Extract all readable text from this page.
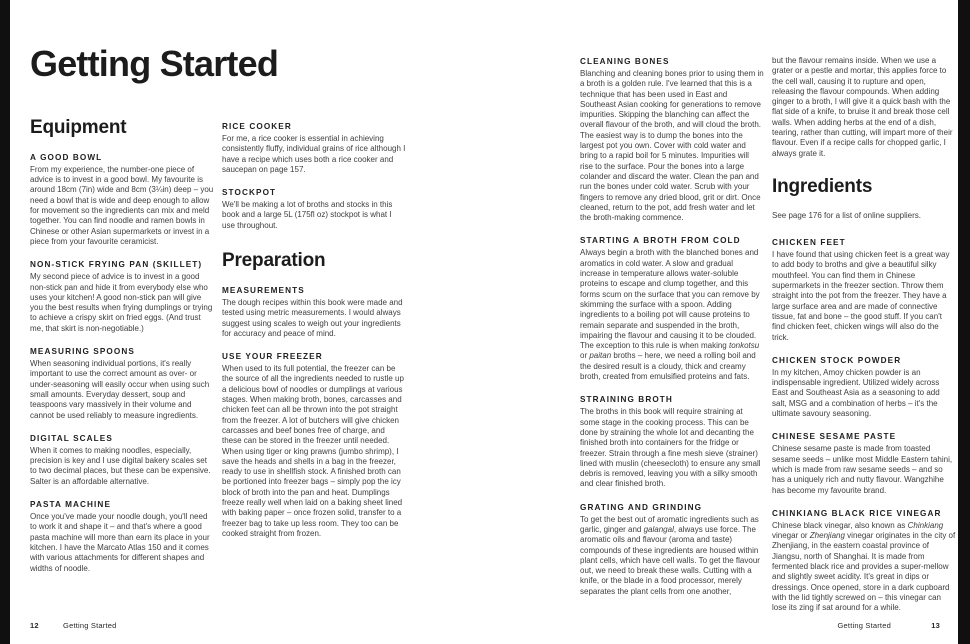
Getting Started
Equipment
A GOOD BOWL

From my experience, the number-one piece of advice is to invest in a good bowl. My favourite is around 18cm (7in) wide and 8cm (3¼in) deep – you need a bowl that is wide and deep enough to allow for movement so the ingredients can mix and meld together. You can find noodle and ramen bowls in Chinese or other Asian supermarkets or invest in a piece from your favourite ceramicist.

NON-STICK FRYING PAN (SKILLET)

My second piece of advice is to invest in a good non-stick pan and hide it from everybody else who uses your kitchen! A good non-stick pan will give you the best results when frying dumplings or trying to achieve a crispy skirt on fried eggs. (And trust me, that skirt is non-negotiable.)

MEASURING SPOONS

When seasoning individual portions, it's really important to use the correct amount as over- or under-seasoning will easily occur when using such small amounts. Everyday dessert, soup and teaspoons vary massively in their volume and cannot be used reliably to measure ingredients.

DIGITAL SCALES

When it comes to making noodles, especially, precision is key and I use digital bakery scales set to two decimal places, but these can be expensive. Salter is an affordable alternative.

PASTA MACHINE

Once you've made your noodle dough, you'll need to work it and shape it – and that's where a good pasta machine will more than earn its place in your kitchen. I have the Marcato Atlas 150 and it comes with various attachments for different shapes and widths of noodle.

RICE COOKER

For me, a rice cooker is essential in achieving consistently fluffy, individual grains of rice although I have a recipe which uses both a rice cooker and saucepan on page 157.

STOCKPOT

We'll be making a lot of broths and stocks in this book and a large 5L (175fl oz) stockpot is what I use throughout.

Preparation
MEASUREMENTS

The dough recipes within this book were made and tested using metric measurements. I would always suggest using scales to weigh out your ingredients for accuracy and peace of mind.

USE YOUR FREEZER

When used to its full potential, the freezer can be the source of all the ingredients needed to rustle up a delicious bowl of noodles or dumplings at various stages. When making broth, bones, carcasses and chicken feet can all be thrown into the pot straight from the freezer. A lot of butchers will give chicken carcasses and beef bones free of charge, and these can be stored in the freezer until needed. When using tiger or king prawns (jumbo shrimp), I save the heads and shells in a bag in the freezer, ready to use in shellfish stock. A finished broth can be portioned into freezer bags – simply pop the icy block of broth into the pan and heat. Dumplings freeze really well when laid on a baking sheet lined with baking paper – once frozen solid, transfer to a freezer bag to take up less room. They too can be cooked straight from frozen.

CLEANING BONES

Blanching and cleaning bones prior to using them in a broth is a golden rule. I've learned that this is a technique that has been used in East and Southeast Asian cooking for generations to remove impurities. Skipping the blanching can affect the overall flavour of the broth, and will cloud the broth. The easiest way is to dump the bones into the largest pot you own. Cover with cold water and bring to a rapid boil for 5 minutes. Impurities will rise to the surface. Pour the bones into a large colander and discard the water. Clean the pan and run the bones under cold water. Scrub with your fingers to remove any dried blood, grit or dirt. Once cleaned, return to the pot, add fresh water and let the broth-making commence.

STARTING A BROTH FROM COLD

Always begin a broth with the blanched bones and aromatics in cold water. A slow and gradual increase in temperature allows water-soluble proteins to escape and clump together, and this forms scum on the surface that you can remove by skimming the surface with a spoon. Adding ingredients to a boiling pot will cause proteins to remain separate and suspended in the broth, impairing the flavour and causing it to be clouded. The exception to this rule is when making tonkotsu or paitan broths – here, we need a rolling boil and the desired result is a cloudy, thick and creamy broth, created from emulsified proteins and fats.

STRAINING BROTH

The broths in this book will require straining at some stage in the cooking process. This can be done by straining the whole lot and decanting the finished broth into containers for the fridge or freezer. Strain through a fine mesh sieve (strainer) lined with muslin (cheesecloth) to ensure any small debris is removed, leaving you with a silky smooth and clear finished broth.

GRATING AND GRINDING

To get the best out of aromatic ingredients such as garlic, ginger and galangal, always use force. The aromatic oils and flavour (aroma and taste) compounds of these ingredients are housed within plant cells, which have cell walls. To get the flavour out, we need to break these walls. Cutting with a knife, or the blade in a food processor, merely separates the plant cells from one another,

but the flavour remains inside. When we use a grater or a pestle and mortar, this applies force to the cell wall, causing it to rupture and open, releasing the flavour compounds. When adding ginger to a broth, I will give it a quick bash with the flat side of a knife, to bruise it and break those cell walls. When adding herbs at the end of a dish, tearing, rather than cutting, will impart more of their flavour. Even if a recipe calls for chopped garlic, I always grate it.

Ingredients

See page 176 for a list of online suppliers.

CHICKEN FEET

I have found that using chicken feet is a great way to add body to broths and give a beautiful silky mouthfeel. You can find them in Chinese supermarkets in the freezer section. Throw them straight into the pot from the freezer. They have a large surface area and are made of connective tissue, fat and bone – the good stuff. If you can't find chicken feet, chicken wings will also do the trick.

CHICKEN STOCK POWDER

In my kitchen, Amoy chicken powder is an indispensable ingredient. Utilized widely across East and Southeast Asia as a seasoning to add salt, MSG and a combination of herbs – it's the ultimate savoury seasoning.

CHINESE SESAME PASTE

Chinese sesame paste is made from toasted sesame seeds – unlike most Middle Eastern tahini, which is made from raw sesame seeds – and so has a uniquely rich and nutty flavour. Wangzhihe has become my favourite brand.

CHINKIANG BLACK RICE VINEGAR

Chinese black vinegar, also known as Chinkiang vinegar or Zhenjiang vinegar originates in the city of Zhenjiang, in the eastern coastal province of Jiangsu, north of Shanghai. It is made from fermented black rice and provides a super-mellow and slightly sweet acidity. It's great in dips or dressings. Once opened, store in a dark cupboard with the lid tightly screwed on – this vinegar can lose its zing if sat around for a while.

12	Getting Started	Getting Started	13
